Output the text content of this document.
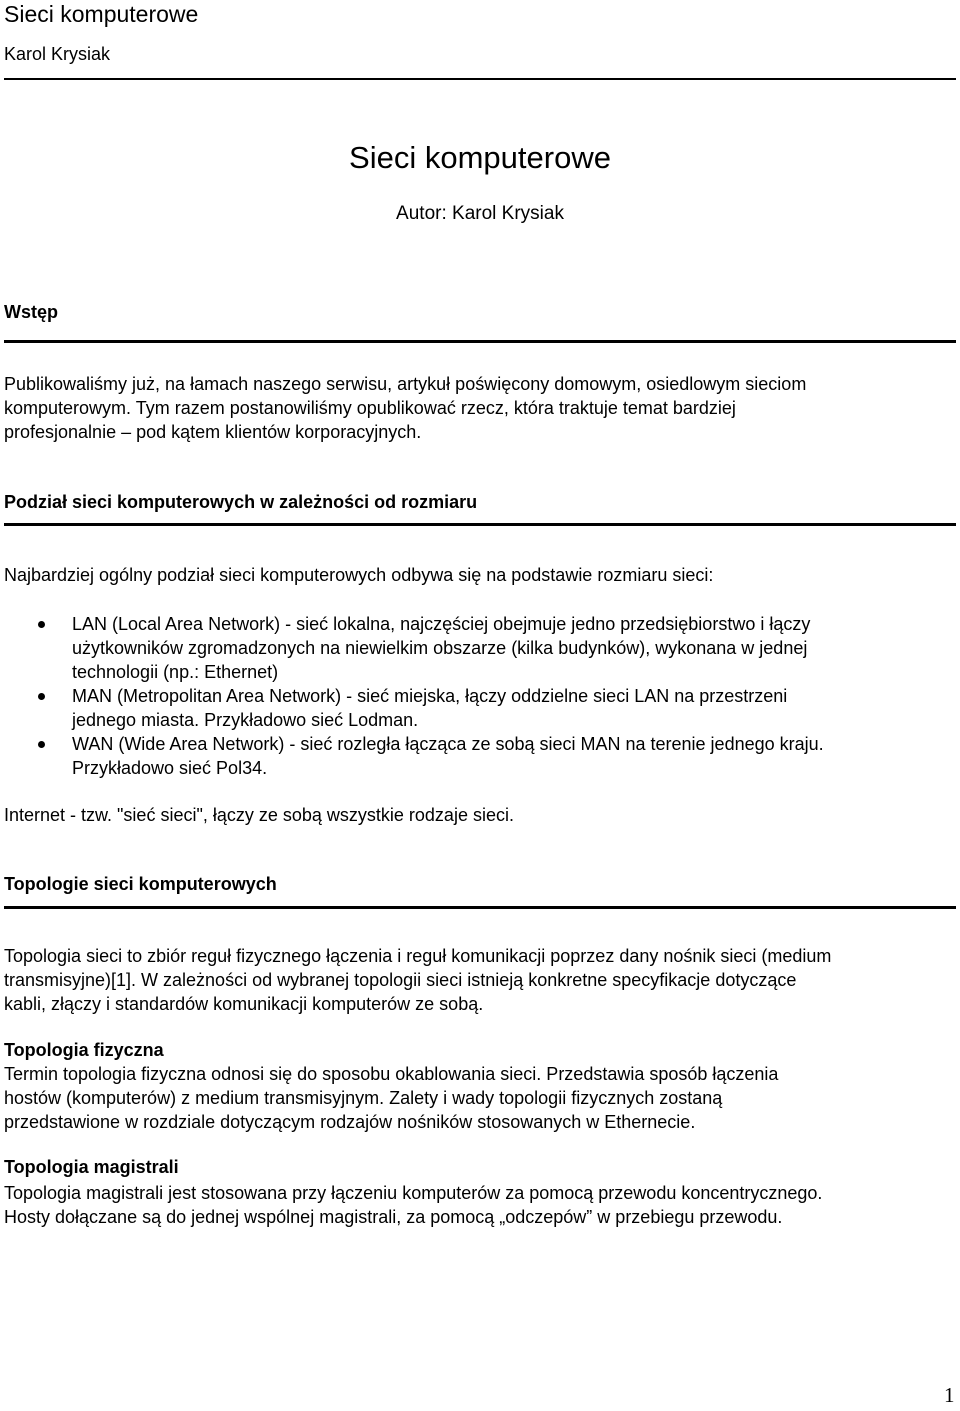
Sieci komputerowe
Karol Krysiak
Sieci komputerowe
Autor: Karol Krysiak
Wstęp
Publikowaliśmy już, na łamach naszego serwisu, artykuł poświęcony domowym, osiedlowym sieciom
komputerowym. Tym razem postanowiliśmy opublikować rzecz, która traktuje temat bardziej
profesjonalnie – pod kątem klientów korporacyjnych.
Podział sieci komputerowych w zależności od rozmiaru
Najbardziej ogólny podział sieci komputerowych odbywa się na podstawie rozmiaru sieci:
LAN (Local Area Network) - sieć lokalna, najczęściej obejmuje jedno przedsiębiorstwo i łączy
użytkowników zgromadzonych na niewielkim obszarze (kilka budynków), wykonana w jednej
technologii (np.: Ethernet)
MAN (Metropolitan Area Network) - sieć miejska, łączy oddzielne sieci LAN na przestrzeni
jednego miasta. Przykładowo sieć Lodman.
WAN (Wide Area Network) - sieć rozległa łącząca ze sobą sieci MAN na terenie jednego kraju.
Przykładowo sieć Pol34.
Internet - tzw. "sieć sieci", łączy ze sobą wszystkie rodzaje sieci.
Topologie sieci komputerowych
Topologia sieci to zbiór reguł fizycznego łączenia i reguł komunikacji poprzez dany nośnik sieci (medium
transmisyjne)[1]. W zależności od wybranej topologii sieci istnieją konkretne specyfikacje dotyczące
kabli, złączy i standardów komunikacji komputerów ze sobą.
Topologia fizyczna
Termin topologia fizyczna odnosi się do sposobu okablowania sieci. Przedstawia sposób łączenia
hostów (komputerów) z medium transmisyjnym. Zalety i wady topologii fizycznych zostaną
przedstawione w rozdziale dotyczącym rodzajów nośników stosowanych w Ethernecie.
Topologia magistrali
Topologia magistrali jest stosowana przy łączeniu komputerów za pomocą przewodu koncentrycznego.
Hosty dołączane są do jednej wspólnej magistrali, za pomocą „odczepów” w przebiegu przewodu.
1
